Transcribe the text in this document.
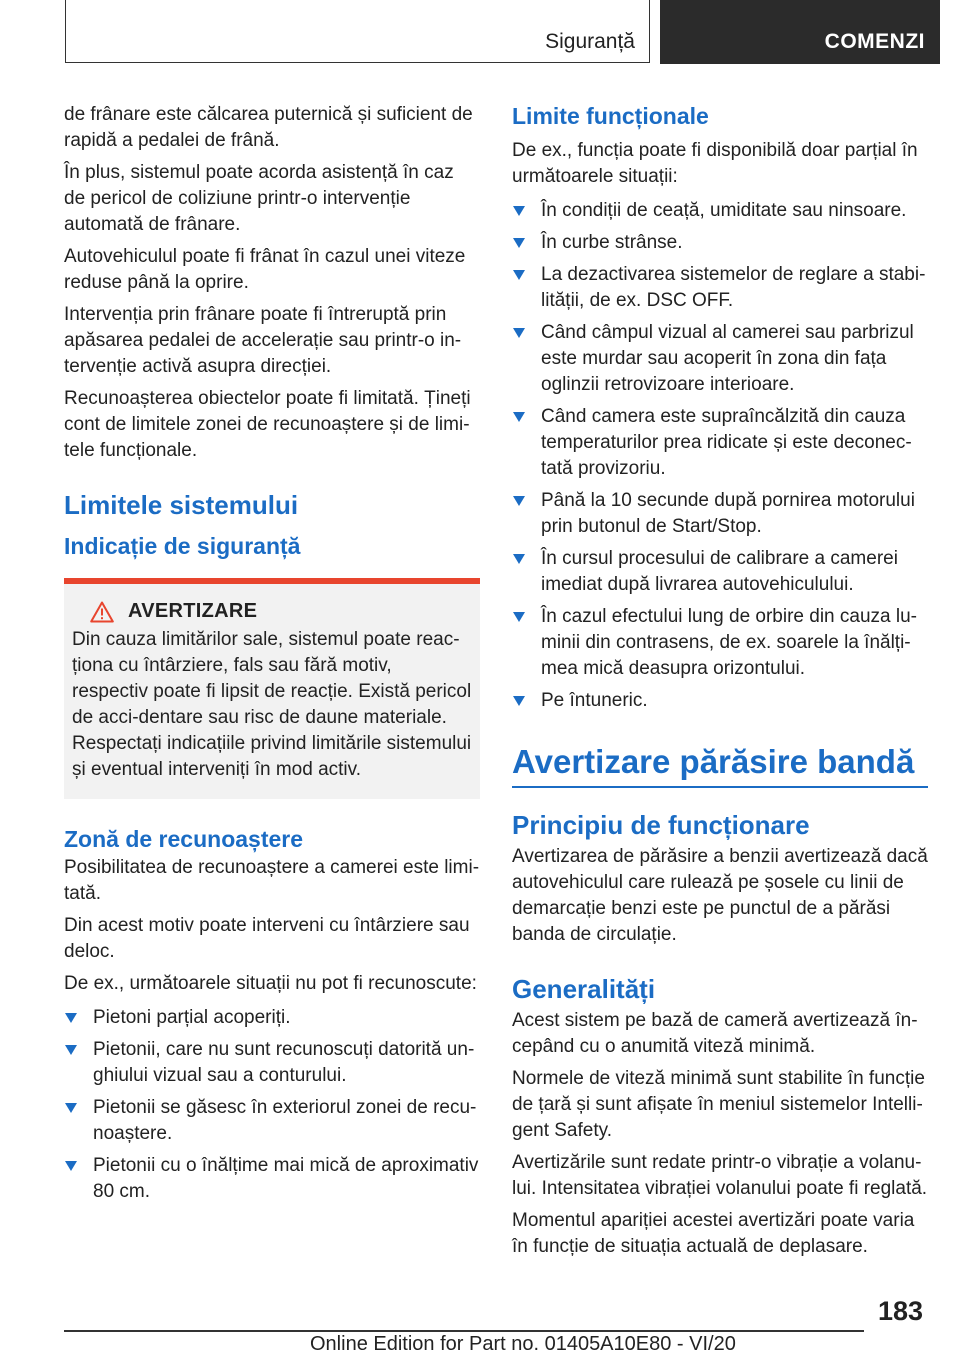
Siguranță	COMENZI

de frânare este călcarea puternică și suficient de rapidă a pedalei de frână.

În plus, sistemul poate acorda asistență în caz de pericol de coliziune printr-o intervenție automată de frânare.

Autovehiculul poate fi frânat în cazul unei viteze reduse până la oprire.

Intervenția prin frânare poate fi întreruptă prin apăsarea pedalei de accelerație sau printr-o in-tervenție activă asupra direcției.

Recunoașterea obiectelor poate fi limitată. Țineți cont de limitele zonei de recunoaștere și de limi-tele funcționale.

Limitele sistemului
Indicație de siguranță
AVERTIZARE

Din cauza limitărilor sale, sistemul poate reac-ționa cu întârziere, fals sau fără motiv, respectiv poate fi lipsit de reacție. Există pericol de acci-dentare sau risc de daune materiale. Respectați indicațiile privind limitările sistemului și eventual interveniți în mod activ.

Zonă de recunoaștere

Posibilitatea de recunoaștere a camerei este limi-tată.

Din acest motiv poate interveni cu întârziere sau deloc.

De ex., următoarele situații nu pot fi recunoscute:

Pietoni parțial acoperiți.
Pietonii, care nu sunt recunoscuți datorită un-ghiului vizual sau a conturului.
Pietonii se găsesc în exteriorul zonei de recu-noaștere.
Pietonii cu o înălțime mai mică de aproximativ 80 cm.
Limite funcționale

De ex., funcția poate fi disponibilă doar parțial în următoarele situații:

În condiții de ceață, umiditate sau ninsoare.
În curbe strânse.
La dezactivarea sistemelor de reglare a stabi-lității, de ex. DSC OFF.
Când câmpul vizual al camerei sau parbrizul este murdar sau acoperit în zona din fața oglinzii retrovizoare interioare.
Când camera este supraîncălzită din cauza temperaturilor prea ridicate și este deconec-tată provizoriu.
Până la 10 secunde după pornirea motorului prin butonul de Start/Stop.
În cursul procesului de calibrare a camerei imediat după livrarea autovehiculului.
În cazul efectului lung de orbire din cauza lu-minii din contrasens, de ex. soarele la înălți-mea mică deasupra orizontului.
Pe întuneric.
Avertizare părăsire bandă
Principiu de funcționare

Avertizarea de părăsire a benzii avertizează dacă autovehiculul care rulează pe șosele cu linii de demarcație benzi este pe punctul de a părăsi banda de circulație.

Generalități

Acest sistem pe bază de cameră avertizează în-cepând cu o anumită viteză minimă.

Normele de viteză minimă sunt stabilite în funcție de țară și sunt afișate în meniul sistemelor Intelli-gent Safety.

Avertizările sunt redate printr-o vibrație a volanu-lui. Intensitatea vibrației volanului poate fi reglată.

Momentul apariției acestei avertizări poate varia în funcție de situația actuală de deplasare.

183
Online Edition for Part no. 01405A10E80 - VI/20
